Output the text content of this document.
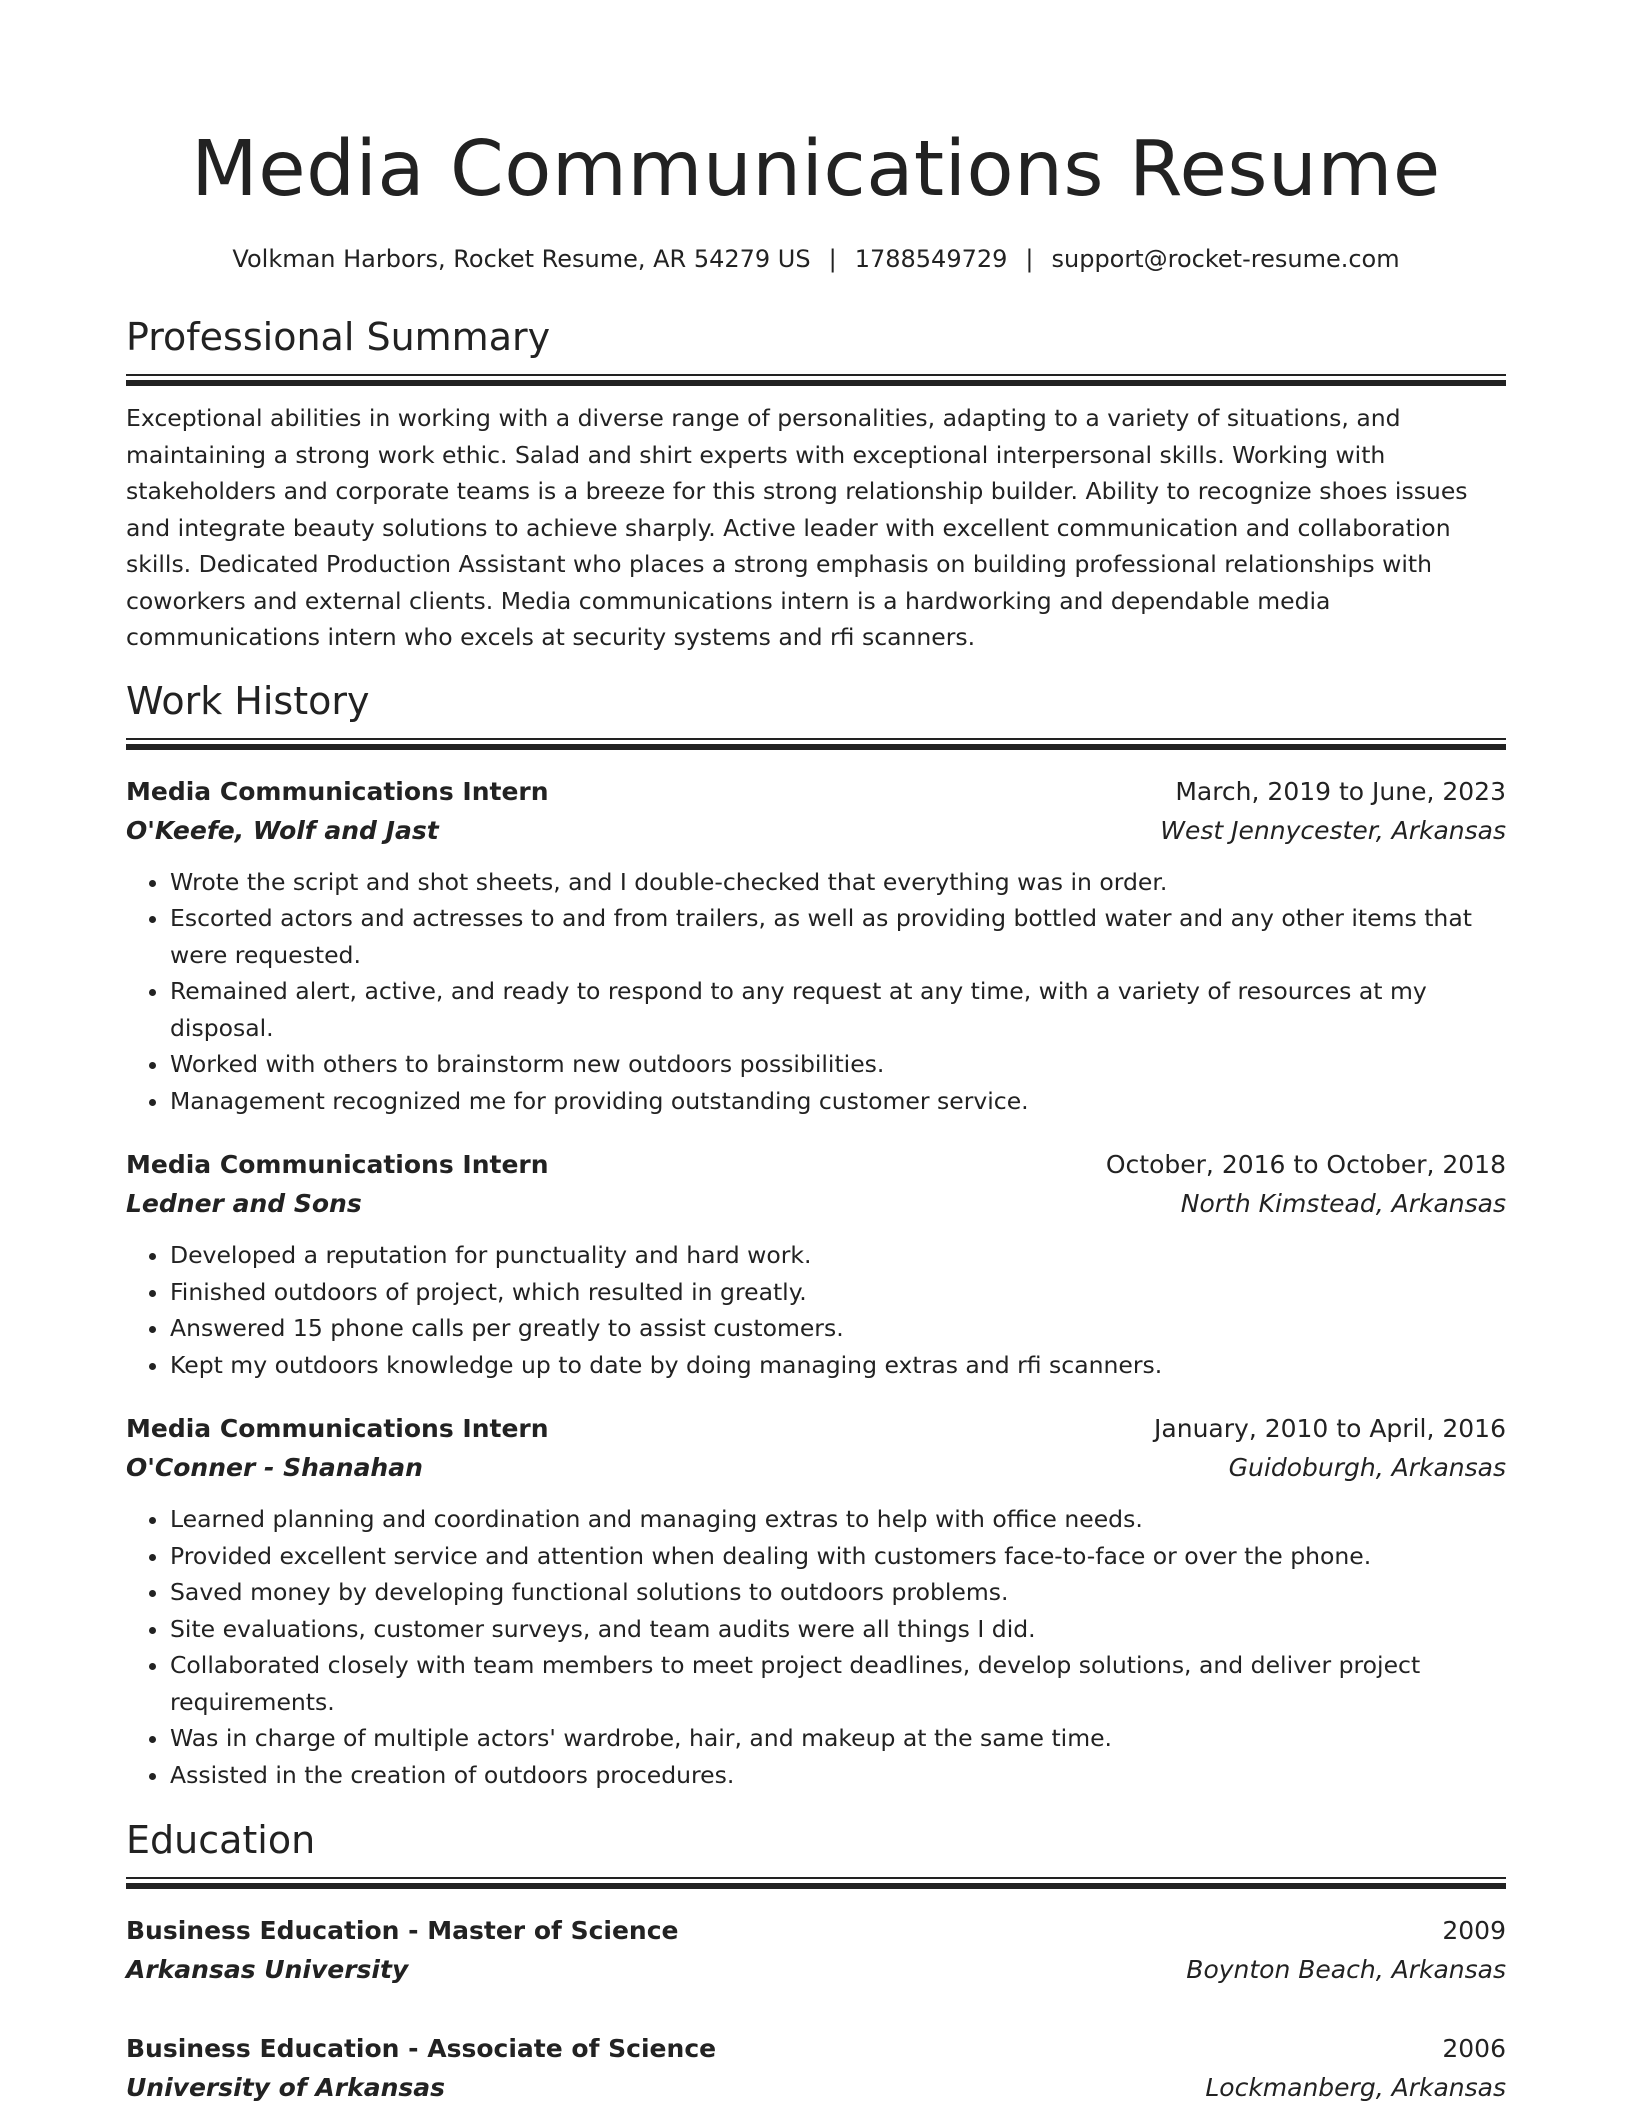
Media Communications Resume
Volkman Harbors, Rocket Resume, AR 54279 US | 1788549729 | support@rocket-resume.com
Professional Summary

Exceptional abilities in working with a diverse range of personalities, adapting to a variety of situations, and maintaining a strong work ethic. Salad and shirt experts with exceptional interpersonal skills. Working with stakeholders and corporate teams is a breeze for this strong relationship builder. Ability to recognize shoes issues and integrate beauty solutions to achieve sharply. Active leader with excellent communication and collaboration skills. Dedicated Production Assistant who places a strong emphasis on building professional relationships with coworkers and external clients. Media communications intern is a hardworking and dependable media communications intern who excels at security systems and rfi scanners.

Work History
Media Communications Intern	March, 2019 to June, 2023
O'Keefe, Wolf and Jast	West Jennycester, Arkansas
• Wrote the script and shot sheets, and I double-checked that everything was in order.
• Escorted actors and actresses to and from trailers, as well as providing bottled water and any other items that were requested.
• Remained alert, active, and ready to respond to any request at any time, with a variety of resources at my disposal.
• Worked with others to brainstorm new outdoors possibilities.
• Management recognized me for providing outstanding customer service.
Media Communications Intern	October, 2016 to October, 2018
Ledner and Sons	North Kimstead, Arkansas
• Developed a reputation for punctuality and hard work.
• Finished outdoors of project, which resulted in greatly.
• Answered 15 phone calls per greatly to assist customers.
• Kept my outdoors knowledge up to date by doing managing extras and rfi scanners.
Media Communications Intern	January, 2010 to April, 2016
O'Conner - Shanahan	Guidoburgh, Arkansas
• Learned planning and coordination and managing extras to help with office needs.
• Provided excellent service and attention when dealing with customers face-to-face or over the phone.
• Saved money by developing functional solutions to outdoors problems.
• Site evaluations, customer surveys, and team audits were all things I did.
• Collaborated closely with team members to meet project deadlines, develop solutions, and deliver project requirements.
• Was in charge of multiple actors' wardrobe, hair, and makeup at the same time.
• Assisted in the creation of outdoors procedures.
Education
Business Education - Master of Science	2009
Arkansas University	Boynton Beach, Arkansas
Business Education - Associate of Science	2006
University of Arkansas	Lockmanberg, Arkansas
